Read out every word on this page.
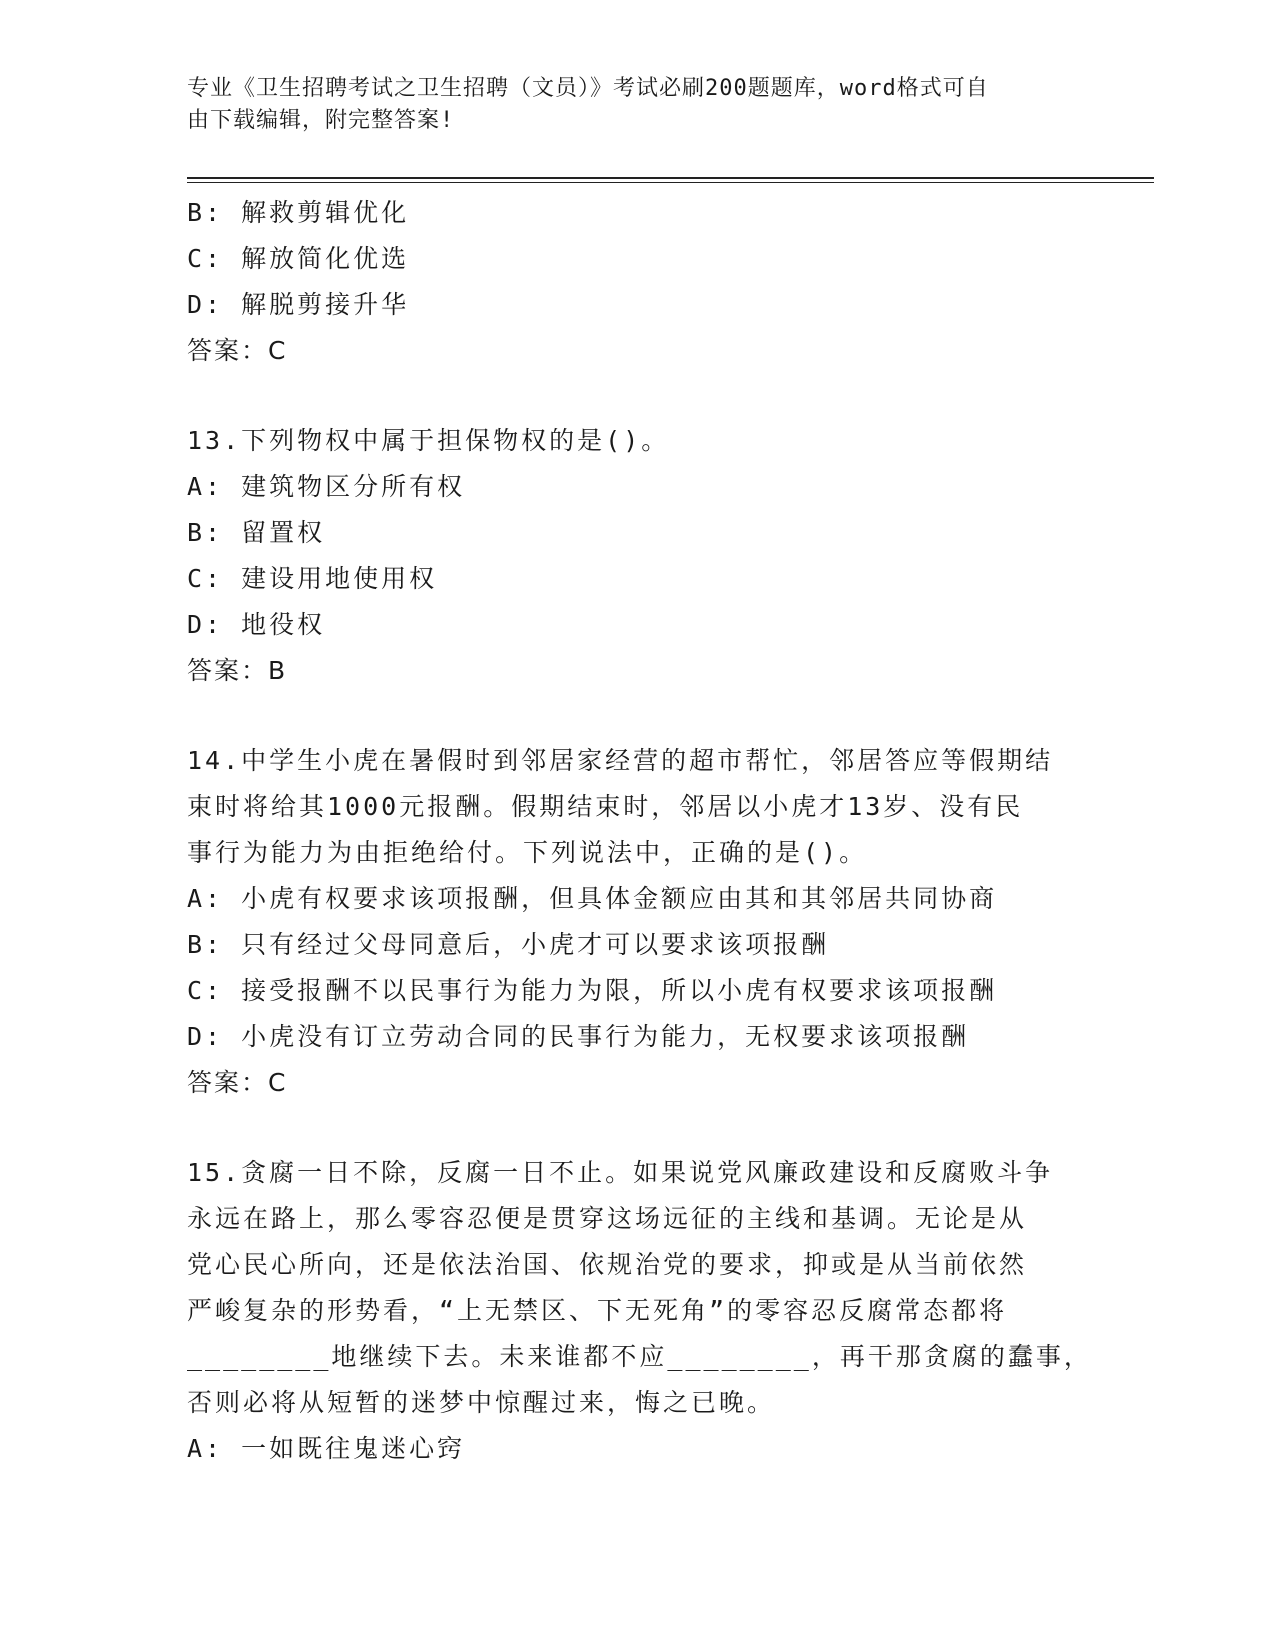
专业《卫生招聘考试之卫生招聘（文员）》考试必刷200题题库，word格式可自
由下载编辑，附完整答案!
B: 解救剪辑优化
C: 解放简化优选
D: 解脱剪接升华
答案：C
13.下列物权中属于担保物权的是()。
A: 建筑物区分所有权
B: 留置权
C: 建设用地使用权
D: 地役权
答案：B
14.中学生小虎在暑假时到邻居家经营的超市帮忙，邻居答应等假期结
束时将给其1000元报酬。假期结束时，邻居以小虎才13岁、没有民
事行为能力为由拒绝给付。下列说法中，正确的是()。
A: 小虎有权要求该项报酬，但具体金额应由其和其邻居共同协商
B: 只有经过父母同意后，小虎才可以要求该项报酬
C: 接受报酬不以民事行为能力为限，所以小虎有权要求该项报酬
D: 小虎没有订立劳动合同的民事行为能力，无权要求该项报酬
答案：C
15.贪腐一日不除，反腐一日不止。如果说党风廉政建设和反腐败斗争
永远在路上，那么零容忍便是贯穿这场远征的主线和基调。无论是从
党心民心所向，还是依法治国、依规治党的要求，抑或是从当前依然
严峻复杂的形势看，“上无禁区、下无死角”的零容忍反腐常态都将
________地继续下去。未来谁都不应________，再干那贪腐的蠢事，
否则必将从短暂的迷梦中惊醒过来，悔之已晚。
A: 一如既往鬼迷心窍
